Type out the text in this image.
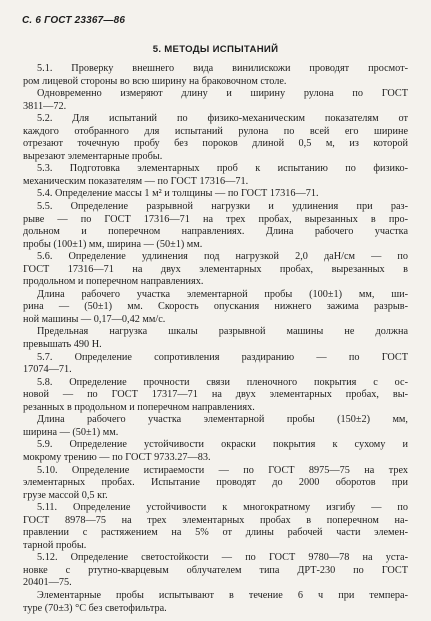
С. 6 ГОСТ 23367—86
5. МЕТОДЫ ИСПЫТАНИЙ
5.1. Проверку внешнего вида винилискожи проводят просмот-
ром лицевой стороны во всю ширину на браковочном столе.
Одновременно измеряют длину и ширину рулона по ГОСТ
3811—72.
5.2. Для испытаний по физико-механическим показателям от
каждого отобранного для испытаний рулона по всей его ширине
отрезают точечную пробу без пороков длиной 0,5 м, из которой
вырезают элементарные пробы.
5.3. Подготовка элементарных проб к испытанию по физико-
механическим показателям — по ГОСТ 17316—71.
5.4. Определение массы 1 м² и толщины — по ГОСТ 17316—71.
5.5. Определение разрывной нагрузки и удлинения при раз-
рыве — по ГОСТ 17316—71 на трех пробах, вырезанных в про-
дольном и поперечном направлениях. Длина рабочего участка
пробы (100±1) мм, ширина — (50±1) мм.
5.6. Определение удлинения под нагрузкой 2,0 даН/см — по
ГОСТ 17316—71 на двух элементарных пробах, вырезанных в
продольном и поперечном направлениях.
Длина рабочего участка элементарной пробы (100±1) мм, ши-
рина — (50±1) мм. Скорость опускания нижнего зажима разрыв-
ной машины — 0,17—0,42 мм/с.
Предельная нагрузка шкалы разрывной машины не должна
превышать 490 Н.
5.7. Определение сопротивления раздиранию — по ГОСТ
17074—71.
5.8. Определение прочности связи пленочного покрытия с ос-
новой — по ГОСТ 17317—71 на двух элементарных пробах, вы-
резанных в продольном и поперечном направлениях.
Длина рабочего участка элементарной пробы (150±2) мм,
ширина — (50±1) мм.
5.9. Определение устойчивости окраски покрытия к сухому и
мокрому трению — по ГОСТ 9733.27—83.
5.10. Определение истираемости — по ГОСТ 8975—75 на трех
элементарных пробах. Испытание проводят до 2000 оборотов при
грузе массой 0,5 кг.
5.11. Определение устойчивости к многократному изгибу — по
ГОСТ 8978—75 на трех элементарных пробах в поперечном на-
правлении с растяжением на 5% от длины рабочей части элемен-
тарной пробы.
5.12. Определение светостойкости — по ГОСТ 9780—78 на уста-
новке с ртутно-кварцевым облучателем типа ДРТ-230 по ГОСТ
20401—75.
Элементарные пробы испытывают в течение 6 ч при темпера-
туре (70±3) °С без светофильтра.
